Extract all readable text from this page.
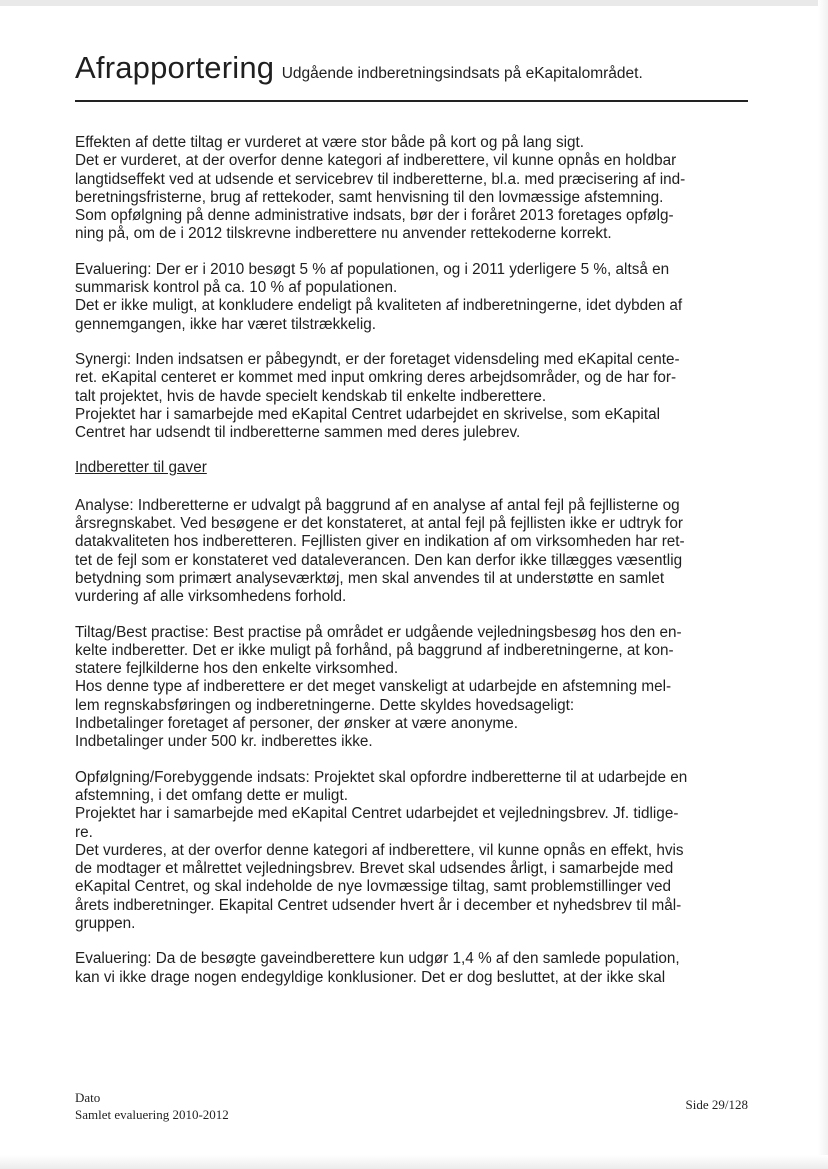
Afrapportering Udgående indberetningsindsats på eKapitalområdet.
Effekten af dette tiltag er vurderet at være stor både på kort og på lang sigt.
Det er vurderet, at der overfor denne kategori af indberettere, vil kunne opnås en holdbar
langtidseffekt ved at udsende et servicebrev til indberetterne, bl.a. med præcisering af ind-
beretningsfristerne, brug af rettekoder, samt henvisning til den lovmæssige afstemning.
Som opfølgning på denne administrative indsats, bør der i foråret 2013 foretages opfølg-
ning på, om de i 2012 tilskrevne indberettere nu anvender rettekoderne korrekt.
Evaluering: Der er i 2010 besøgt 5 % af populationen, og i 2011 yderligere 5 %, altså en
summarisk kontrol på ca. 10 % af populationen.
Det er ikke muligt, at konkludere endeligt på kvaliteten af indberetningerne, idet dybden af
gennemgangen, ikke har været tilstrækkelig.
Synergi: Inden indsatsen er påbegyndt, er der foretaget vidensdeling med eKapital cente-
ret. eKapital centeret er kommet med input omkring deres arbejdsområder, og de har for-
talt projektet, hvis de havde specielt kendskab til enkelte indberettere.
Projektet har i samarbejde med eKapital Centret udarbejdet en skrivelse, som eKapital
Centret har udsendt til indberetterne sammen med deres julebrev.
Indberetter til gaver
Analyse: Indberetterne er udvalgt på baggrund af en analyse af antal fejl på fejllisterne og
årsregnskabet. Ved besøgene er det konstateret, at antal fejl på fejllisten ikke er udtryk for
datakvaliteten hos indberetteren. Fejllisten giver en indikation af om virksomheden har ret-
tet de fejl som er konstateret ved dataleverancen. Den kan derfor ikke tillægges væsentlig
betydning som primært analyseværktøj, men skal anvendes til at understøtte en samlet
vurdering af alle virksomhedens forhold.
Tiltag/Best practise: Best practise på området er udgående vejledningsbesøg hos den en-
kelte indberetter. Det er ikke muligt på forhånd, på baggrund af indberetningerne, at kon-
statere fejlkilderne hos den enkelte virksomhed.
Hos denne type af indberettere er det meget vanskeligt at udarbejde en afstemning mel-
lem regnskabsføringen og indberetningerne. Dette skyldes hovedsageligt:
Indbetalinger foretaget af personer, der ønsker at være anonyme.
Indbetalinger under 500 kr. indberettes ikke.
Opfølgning/Forebyggende indsats: Projektet skal opfordre indberetterne til at udarbejde en
afstemning, i det omfang dette er muligt.
Projektet har i samarbejde med eKapital Centret udarbejdet et vejledningsbrev. Jf. tidlige-
re.
Det vurderes, at der overfor denne kategori af indberettere, vil kunne opnås en effekt, hvis
de modtager et målrettet vejledningsbrev. Brevet skal udsendes årligt, i samarbejde med
eKapital Centret, og skal indeholde de nye lovmæssige tiltag, samt problemstillinger ved
årets indberetninger. Ekapital Centret udsender hvert år i december et nyhedsbrev til mål-
gruppen.
Evaluering: Da de besøgte gaveindberettere kun udgør 1,4 % af den samlede population,
kan vi ikke drage nogen endegyldige konklusioner. Det er dog besluttet, at der ikke skal
Dato
Samlet evaluering 2010-2012
Side 29/128
